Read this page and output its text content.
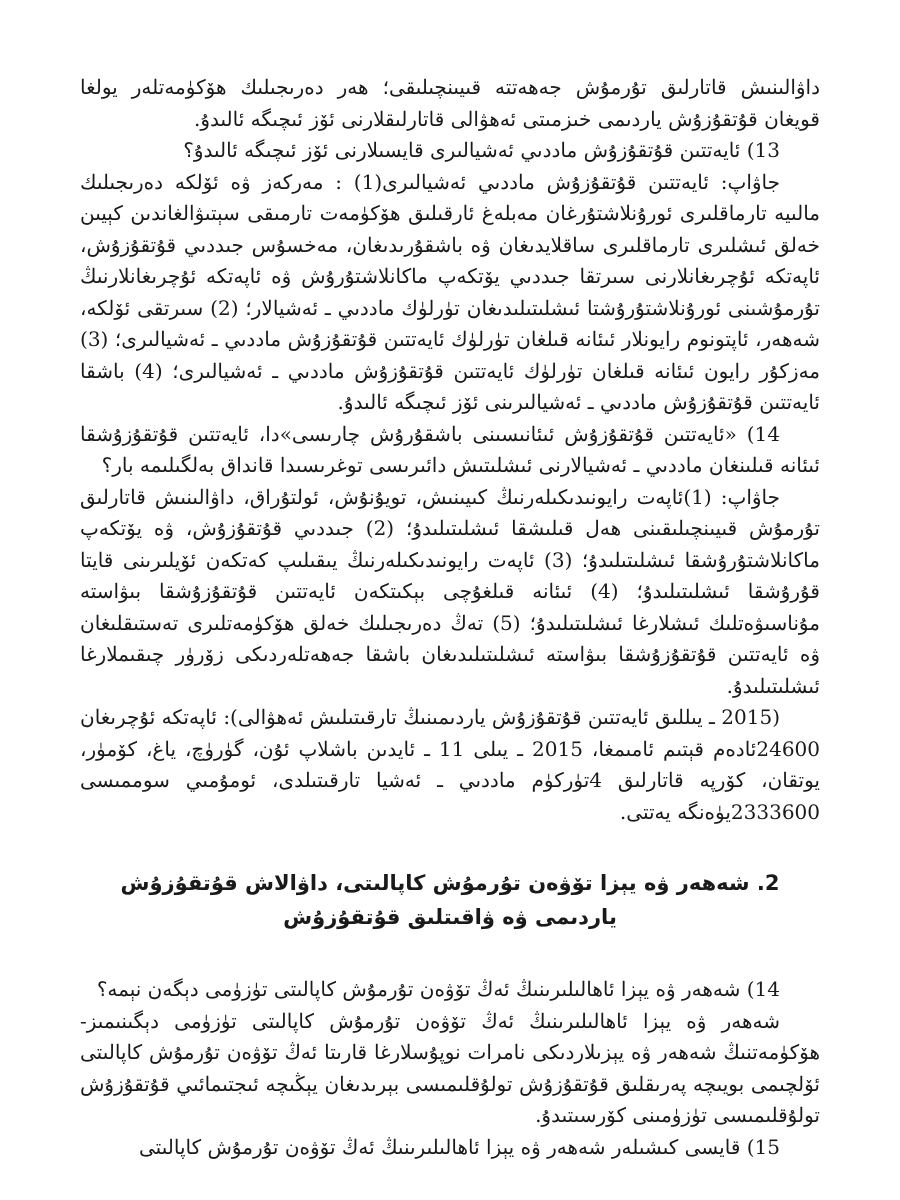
داۋالىنىش قاتارلىق تۇرمۇش جەھەتتە قىيىنچىلىقى؛ ھەر دەرىجىلىك ھۆكۈمەتلەر يولغا قويغان قۇتقۇزۇش ياردىمى خىزمىتى ئەھۋالى قاتارلىقلارنى ئۆز ئىچىگە ئالىدۇ.

13) ئايەتتىن قۇتقۇزۇش ماددىي ئەشيالىرى قايسىلارنى ئۆز ئىچىگە ئالىدۇ؟

جاۋاپ: ئايەتتىن قۇتقۇزۇش ماددىي ئەشيالىرى(1) : مەركەز ۋە ئۆلكە دەرىجىلىك مالىيە تارماقلىرى ئورۇنلاشتۇرغان مەبلەغ ئارقىلىق ھۆكۈمەت تارمىقى سېتىۋالغاندىن كېيىن خەلق ئىشلىرى تارماقلىرى ساقلايدىغان ۋە باشقۇرىدىغان، مەخسۇس جىددىي قۇتقۇزۇش، ئاپەتكە ئۇچرىغانلارنى سىرتقا جىددىي يۆتكەپ ماكانلاشتۇرۇش ۋە ئاپەتكە ئۇچرىغانلارنىڭ تۇرمۇشىنى ئورۇنلاشتۇرۇشتا ئىشلىتىلىدىغان تۈرلۈك ماددىي ـ ئەشيالار؛ (2) سىرتقى ئۆلكە، شەھەر، ئاپتونوم رايونلار ئىئانە قىلغان تۈرلۈك ئايەتتىن قۇتقۇزۇش ماددىي ـ ئەشيالىرى؛ (3) مەزكۇر رايون ئىئانە قىلغان تۈرلۈك ئايەتتىن قۇتقۇزۇش ماددىي ـ ئەشيالىرى؛ (4) باشقا ئايەتتىن قۇتقۇزۇش ماددىي ـ ئەشيالىرىنى ئۆز ئىچىگە ئالىدۇ.

14) «ئايەتتىن قۇتقۇزۇش ئىئانىسىنى باشقۇرۇش چارىسى»دا، ئايەتتىن قۇتقۇزۇشقا ئىئانە قىلىنغان ماددىي ـ ئەشيالارنى ئىشلىتىش دائىرىسى توغرىسىدا قانداق بەلگىلىمە بار؟

جاۋاپ: (1)ئاپەت رايونىدىكىلەرنىڭ كىيىنىش، تويۇنۇش، ئولتۇراق، داۋالىنىش قاتارلىق تۇرمۇش قىيىنچىلىقىنى ھەل قىلىشقا ئىشلىتىلىدۇ؛ (2) جىددىي قۇتقۇزۇش، ۋە يۆتكەپ ماكانلاشتۇرۇشقا ئىشلىتىلىدۇ؛ (3) ئاپەت رايونىدىكىلەرنىڭ يىقىلىپ كەتكەن ئۆيلىرىنى قايتا قۇرۇشقا ئىشلىتىلىدۇ؛ (4) ئىئانە قىلغۇچى بېكىتكەن ئايەتتىن قۇتقۇزۇشقا بىۋاستە مۇناسىۋەتلىك ئىشلارغا ئىشلىتىلىدۇ؛ (5) تەڭ دەرىجىلىك خەلق ھۆكۈمەتلىرى تەستىقلىغان ۋە ئايەتتىن قۇتقۇزۇشقا بىۋاستە ئىشلىتىلىدىغان باشقا جەھەتلەردىكى زۆرۈر چىقىملارغا ئىشلىتىلىدۇ.

(2015 ـ يىللىق ئايەتتىن قۇتقۇزۇش ياردىمىنىڭ تارقىتىلىش ئەھۋالى): ئاپەتكە ئۇچرىغان 24600ئادەم قېتىم ئامىمغا، 2015 ـ يىلى 11 ـ ئايدىن باشلاپ ئۇن، گۈرۈچ، ياغ، كۆمۈر، يوتقان، كۆرپە قاتارلىق 4تۈركۈم ماددىي ـ ئەشيا تارقىتىلدى، ئومۇمىي سوممىسى 2333600يۈەنگە يەتتى.

2. شەھەر ۋە يېزا تۆۋەن تۇرمۇش كاپالىتى، داۋالاش قۇتقۇزۇش ياردىمى ۋە ۋاقىتلىق قۇتقۇزۇش

14) شەھەر ۋە يېزا ئاھالىلىرىنىڭ ئەڭ تۆۋەن تۇرمۇش كاپالىتى تۈزۈمى دېگەن نېمە؟

شەھەر ۋە يېزا ئاھالىلىرىنىڭ ئەڭ تۆۋەن تۇرمۇش كاپالىتى تۈزۈمى دېگىنىمىز- ھۆكۈمەتنىڭ شەھەر ۋە يېزىلاردىكى نامرات نوپۇسلارغا قارىتا ئەڭ تۆۋەن تۇرمۇش كاپالىتى ئۆلچىمى بويىچە پەرىقلىق قۇتقۇزۇش تولۇقلىمىسى بېرىدىغان يېڭىچە ئىجتىمائىي قۇتقۇزۇش تولۇقلىمىسى تۈزۈمىنى كۆرسىتىدۇ.

15) قايسى كىشىلەر شەھەر ۋە يېزا ئاھالىلىرىنىڭ ئەڭ تۆۋەن تۇرمۇش كاپالىتى
